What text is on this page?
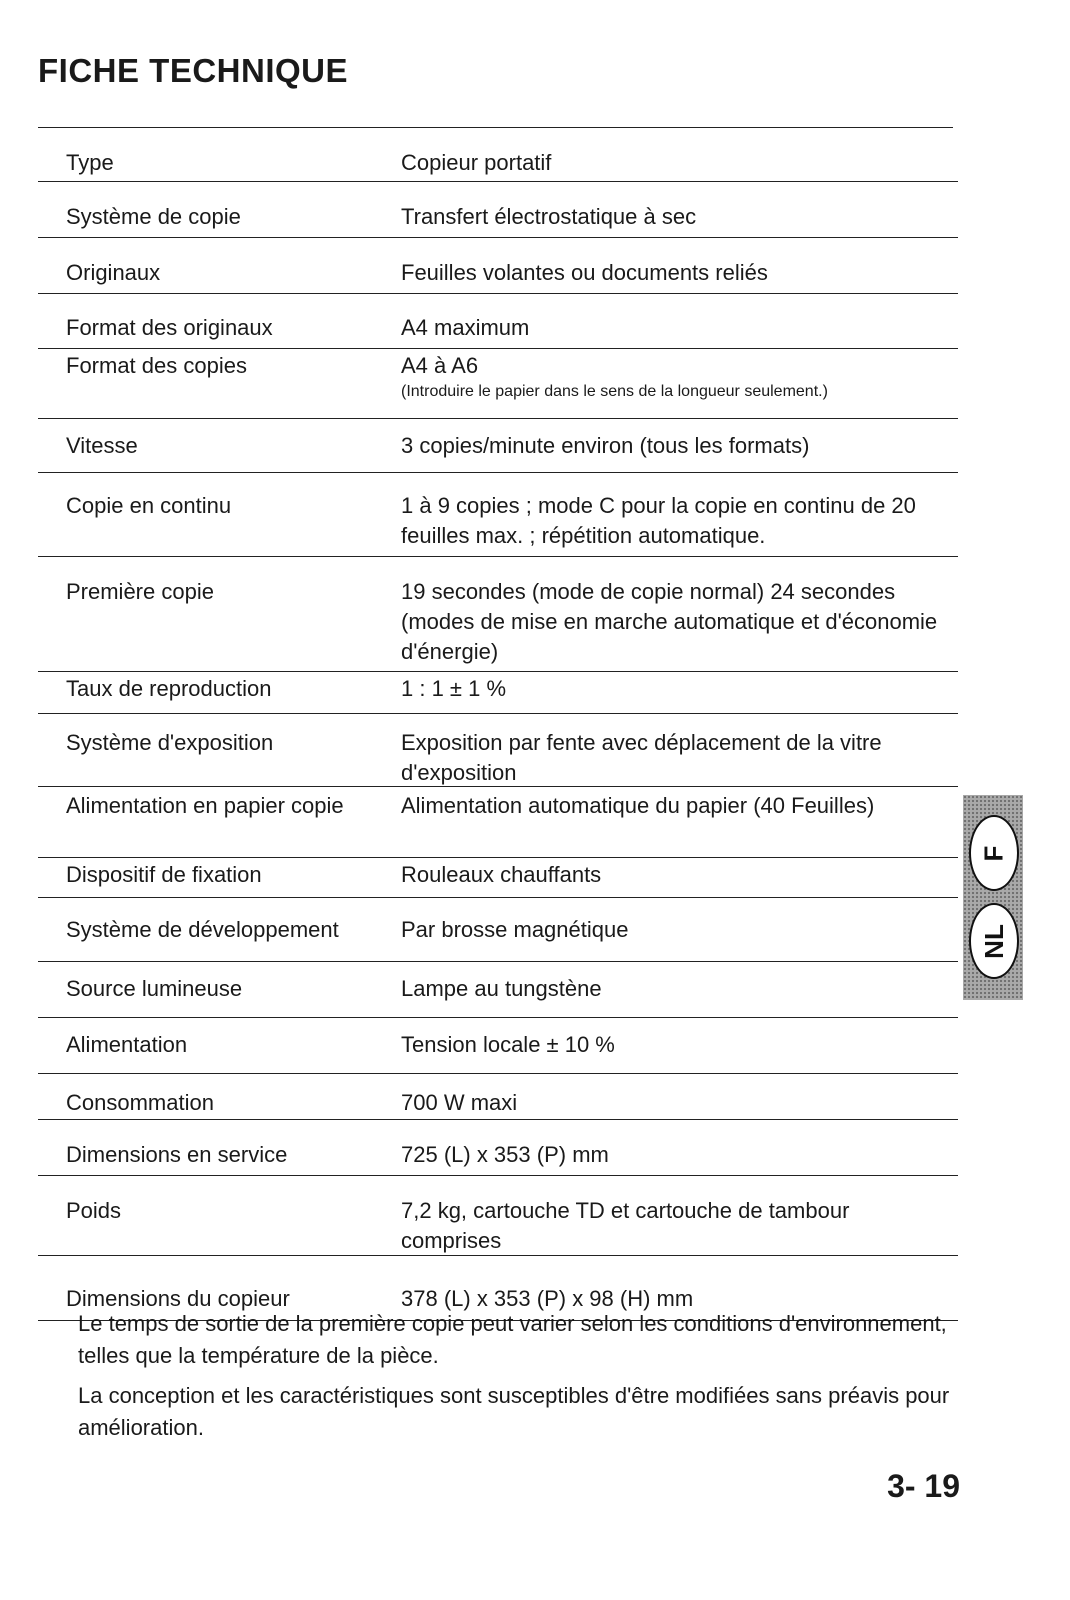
FICHE TECHNIQUE
Type	Copieur portatif
Système de copie	Transfert électrostatique à sec
Originaux	Feuilles volantes ou documents reliés
Format des originaux	A4 maximum
Format des copies	A4 à A6
(Introduire le papier dans le sens de la longueur seulement.)
Vitesse	3 copies/minute environ (tous les formats)
Copie en continu	1 à 9 copies ; mode C pour la copie en continu de 20 feuilles max. ; répétition automatique.
Première copie	19 secondes (mode de copie normal) 24 secondes (modes de mise en marche automatique et d'économie d'énergie)
Taux de reproduction	1 : 1 ± 1 %
Système d'exposition	Exposition par fente avec déplacement de la vitre d'exposition
Alimentation en papier copie	Alimentation automatique du papier (40 Feuilles)
Dispositif de fixation	Rouleaux chauffants
Système de développement	Par brosse magnétique
Source lumineuse	Lampe au tungstène
Alimentation	Tension locale ± 10 %
Consommation	700 W maxi
Dimensions en service	725 (L) x 353 (P) mm
Poids	7,2 kg, cartouche TD et cartouche de tambour comprises
Dimensions du copieur	378 (L) x 353 (P) x 98 (H) mm

Le temps de sortie de la première copie peut varier selon les conditions d'environnement, telles que la température de la pièce.

La conception et les caractéristiques sont susceptibles d'être modifiées sans préavis pour amélioration.

F
NL
3- 19
